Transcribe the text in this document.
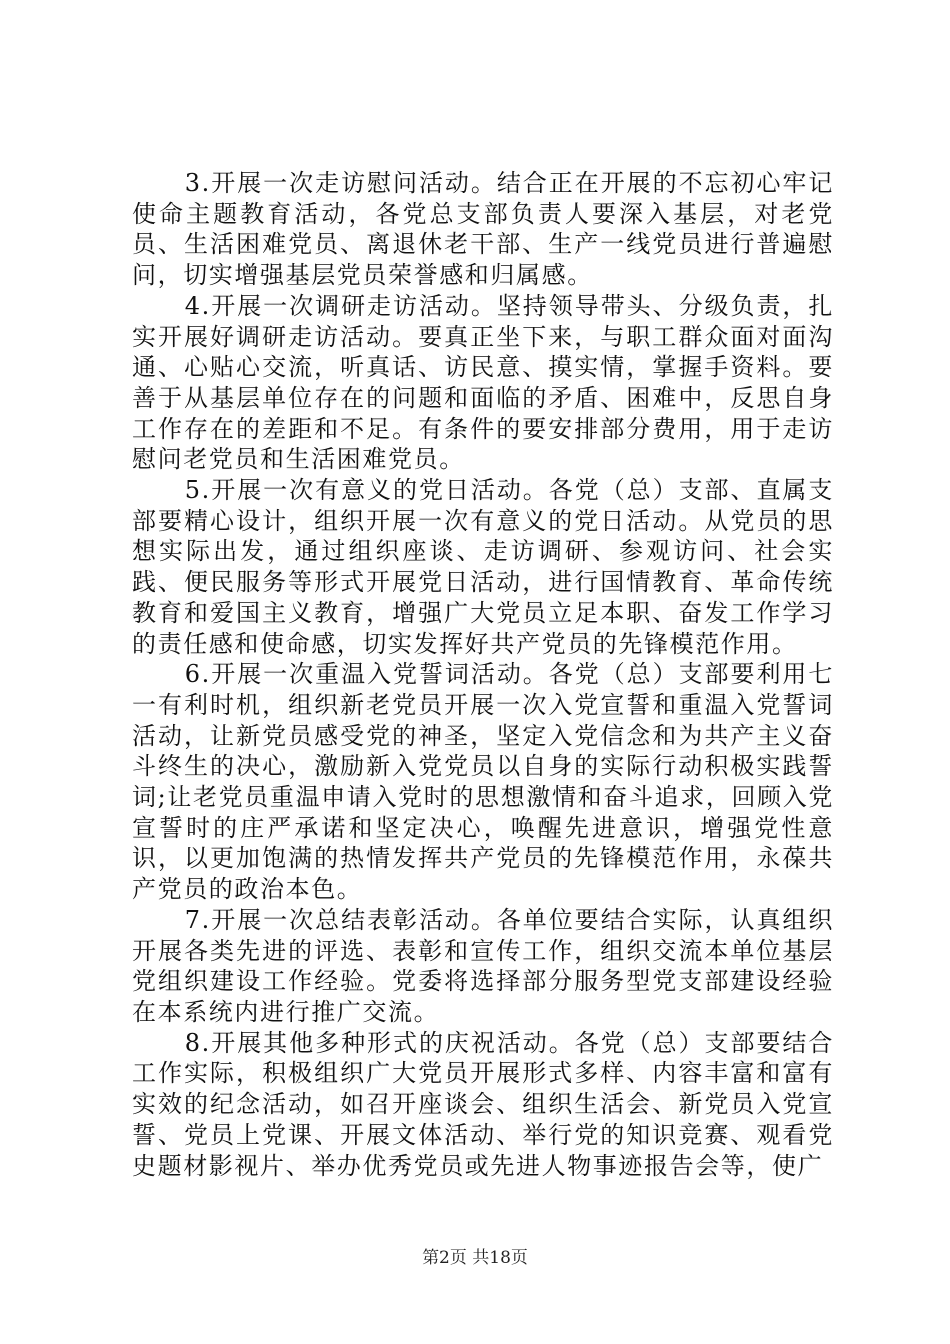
3.开展一次走访慰问活动。结合正在开展的不忘初心牢记使命主题教育活动，各党总支部负责人要深入基层，对老党员、生活困难党员、离退休老干部、生产一线党员进行普遍慰问，切实增强基层党员荣誉感和归属感。

4.开展一次调研走访活动。坚持领导带头、分级负责，扎实开展好调研走访活动。要真正坐下来，与职工群众面对面沟通、心贴心交流，听真话、访民意、摸实情，掌握手资料。要善于从基层单位存在的问题和面临的矛盾、困难中，反思自身工作存在的差距和不足。有条件的要安排部分费用，用于走访慰问老党员和生活困难党员。

5.开展一次有意义的党日活动。各党（总）支部、直属支部要精心设计，组织开展一次有意义的党日活动。从党员的思想实际出发，通过组织座谈、走访调研、参观访问、社会实践、便民服务等形式开展党日活动，进行国情教育、革命传统教育和爱国主义教育，增强广大党员立足本职、奋发工作学习的责任感和使命感，切实发挥好共产党员的先锋模范作用。

6.开展一次重温入党誓词活动。各党（总）支部要利用七一有利时机，组织新老党员开展一次入党宣誓和重温入党誓词活动，让新党员感受党的神圣，坚定入党信念和为共产主义奋斗终生的决心，激励新入党党员以自身的实际行动积极实践誓词;让老党员重温申请入党时的思想激情和奋斗追求，回顾入党宣誓时的庄严承诺和坚定决心，唤醒先进意识，增强党性意识，以更加饱满的热情发挥共产党员的先锋模范作用，永葆共产党员的政治本色。

7.开展一次总结表彰活动。各单位要结合实际，认真组织开展各类先进的评选、表彰和宣传工作，组织交流本单位基层党组织建设工作经验。党委将选择部分服务型党支部建设经验在本系统内进行推广交流。

8.开展其他多种形式的庆祝活动。各党（总）支部要结合工作实际，积极组织广大党员开展形式多样、内容丰富和富有实效的纪念活动，如召开座谈会、组织生活会、新党员入党宣誓、党员上党课、开展文体活动、举行党的知识竞赛、观看党史题材影视片、举办优秀党员或先进人物事迹报告会等，使广

第2页 共18页
